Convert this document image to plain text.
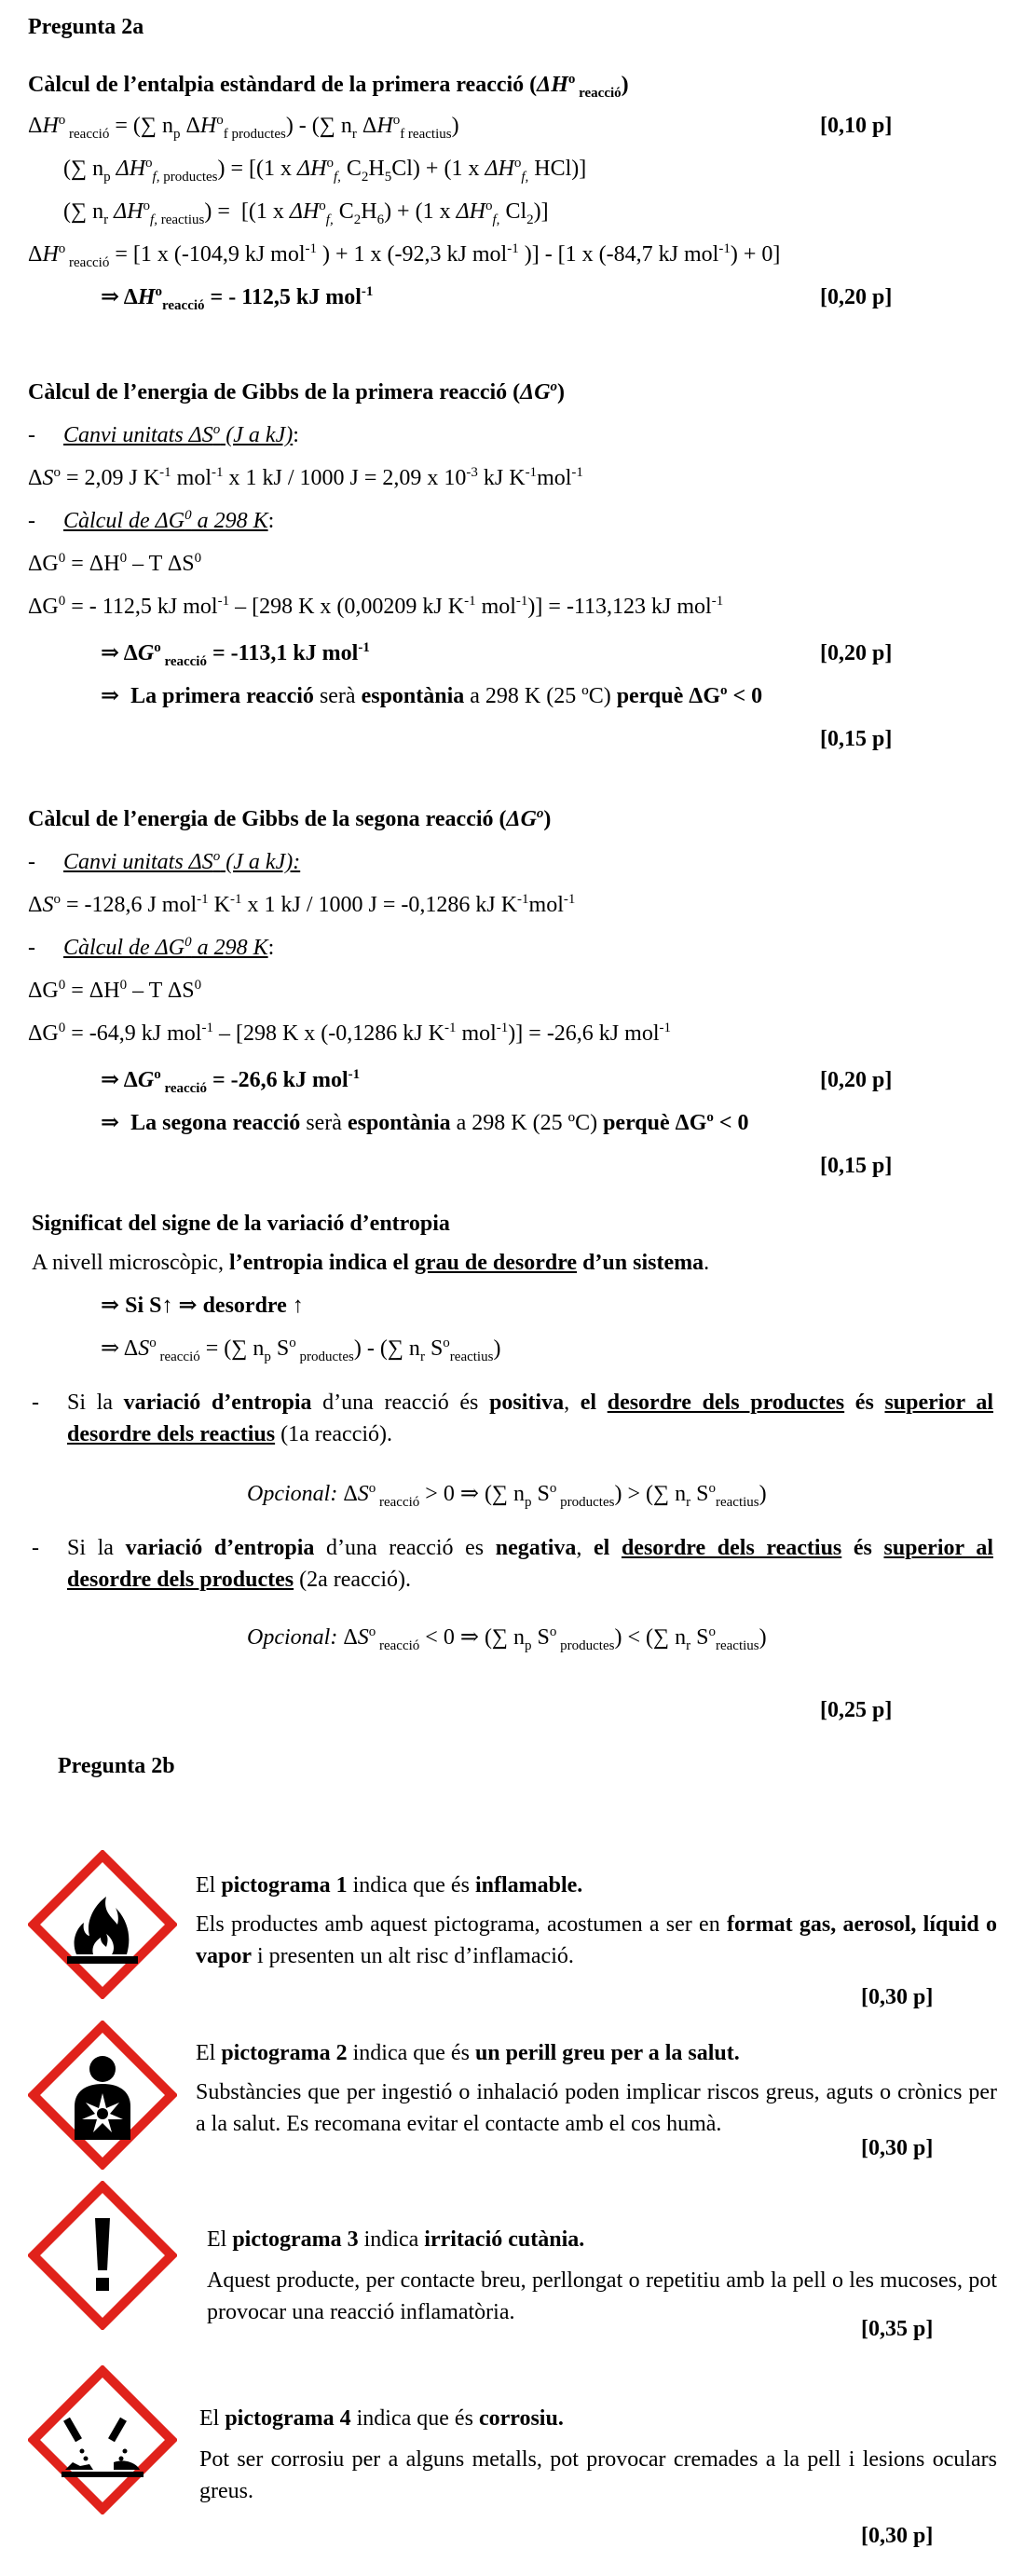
Pregunta 2a
Càlcul de l’entalpia estàndard de la primera reacció ($\Delta H^o$ $_{reacció}$)
$\Delta H^o$ $_{reacció}$ = (∑ $n_p$ $\Delta H^o_{f productes}$) - (∑ $n_r$ $\Delta H^o_{f reactius}$)	[0,10 p]
(∑ $n_p$ $\Delta H^o_{f, productes}) = [(1$ x $\Delta H^o_{f,}$ $C_2H_5Cl) + (1$ x $\Delta H^o_{f,}$ HCl)]
(∑ $n_r$ $\Delta H^o_{f, reactius}) = [(1$ x $\Delta H^o_{f,}$ $C_2H_6) + (1$ x $\Delta H^o_{f,}$ $Cl_2$)]
$\Delta H^o$ $_{reacció}$ = [1 x (-104,9 kJ mol$^{-1}$ ) + 1 x (-92,3 kJ mol$^{-1}$ )] - [1 x (-84,7 kJ mol$^{-1}$) + 0]
⇒ $\Delta H^o_{reacció}$ = - 112,5 kJ mol$^{-1}$	[0,20 p]
Càlcul de l’energia de Gibbs de la primera reacció $(\Delta G^o)$
-     Canvi unitats $\Delta S^o$ (J a kJ):
$\Delta S^o = 2,09$ J $K^{-1}$ mol$^{-1}$ x 1 kJ / 1000 J = 2,09 x $10^{-3}$ kJ $K^{-1}mol^{-1}$
-     Càlcul de $\Delta G^0$ a 298 K:
$\Delta G^0 = \Delta H^0 - T$ $\Delta S^0$
$\Delta G^0$ = - 112,5 kJ mol$^{-1}$ – [298 K x (0,00209 kJ $K^{-1}$ mol$^{-1}$)] = -113,123 kJ mol$^{-1}$
⇒ $\Delta G^o$ $_{reacció}$ = -113,1 kJ mol$^{-1}$	[0,20 p]
⇒  La primera reacció serà espontània a 298 K (25 ºC) perquè $\Delta G^o < 0$
[0,15 p]
Càlcul de l’energia de Gibbs de la segona reacció $(\Delta G^o)$
-     Canvi unitats $\Delta S^o$ (J a kJ):
$\Delta S^o = -128,6$ J mol$^{-1}$ $K^{-1}$ x 1 kJ / 1000 J = -0,1286 kJ $K^{-1}mol^{-1}$
-     Càlcul de $\Delta G^0$ a 298 K:
$\Delta G^0 = \Delta H^0 - T$ $\Delta S^0$
$\Delta G^0 = -64,9$ kJ mol$^{-1}$ – [298 K x (-0,1286 kJ $K^{-1}$ mol$^{-1}$)] = -26,6 kJ mol$^{-1}$
⇒ $\Delta G^o$ $_{reacció}$ = -26,6 kJ mol$^{-1}$	[0,20 p]
⇒  La segona reacció serà espontània a 298 K (25 ºC) perquè $\Delta G^o < 0$
[0,15 p]
Significat del signe de la variació d’entropia
A nivell microscòpic, l’entropia indica el grau de desordre d’un sistema.
⇒ Si S↑ ⇒ desordre ↑
⇒ $\Delta S^o$ $_{reacció}$ = (∑ $n_p$ $S^o$ $_{productes}$) - (∑ $n_r$ $S^o_{reactius}$)
- Si la variació d’entropia d’una reacció és positiva, el desordre dels productes és superior al desordre dels reactius (1a reacció).
Opcional: $\Delta S^o$ $_{reacció}$ > 0 ⇒ (∑ $n_p$ $S^o$ $_{productes}$) > (∑ $n_r$ $S^o_{reactius}$)
- Si la variació d’entropia d’una reacció es negativa, el desordre dels reactius és superior al desordre dels productes (2a reacció).
Opcional: $\Delta S^o$ $_{reacció}$ < 0 ⇒ (∑ $n_p$ $S^o$ $_{productes}$) < (∑ $n_r$ $S^o_{reactius}$)
[0,25 p]
Pregunta 2b
El pictograma 1 indica que és inflamable.
Els productes amb aquest pictograma, acostumen a ser en format gas, aerosol, líquid o vapor i presenten un alt risc d’inflamació.
[0,30 p]
El pictograma 2 indica que és un perill greu per a la salut.
Substàncies que per ingestió o inhalació poden implicar riscos greus, aguts o crònics per a la salut. Es recomana evitar el contacte amb el cos humà.
[0,30 p]
El pictograma 3 indica irritació cutània.
Aquest producte, per contacte breu, perllongat o repetitiu amb la pell o les mucoses, pot provocar una reacció inflamatòria.
[0,35 p]
El pictograma 4 indica que és corrosiu.
Pot ser corrosiu per a alguns metalls, pot provocar cremades a la pell i lesions oculars greus.
[0,30 p]
